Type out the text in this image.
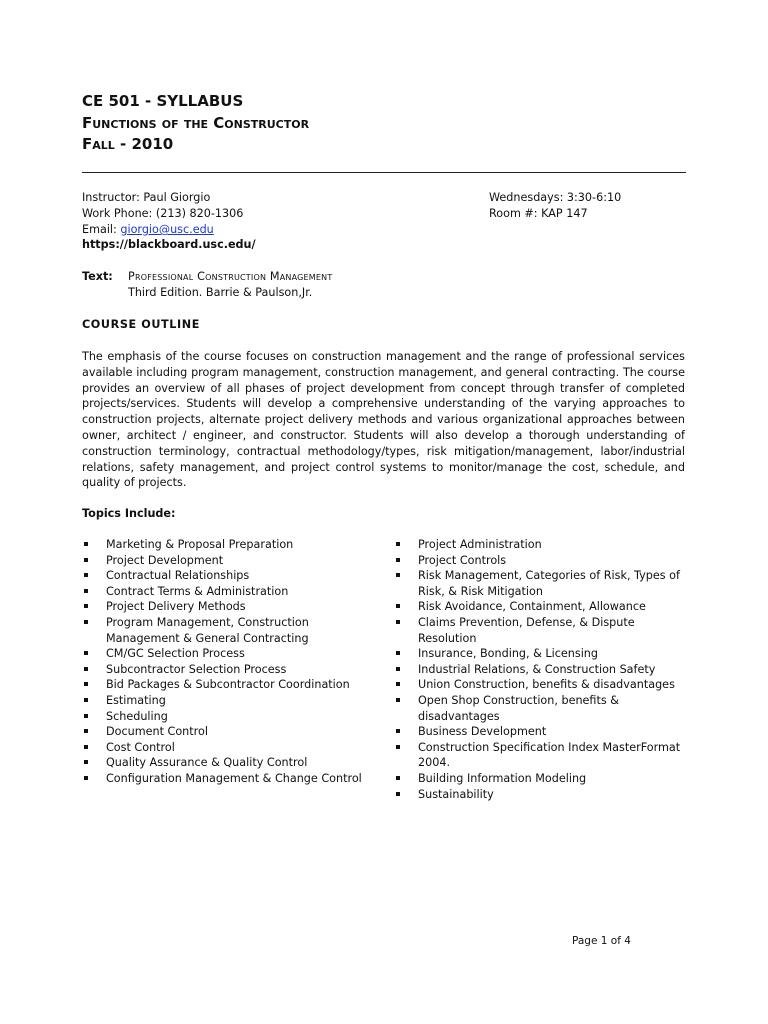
CE 501 - SYLLABUS
Functions of the Constructor
Fall - 2010
Instructor: Paul Giorgio
Work Phone: (213) 820-1306
Email: giorgio@usc.edu
https://blackboard.usc.edu/
Wednesdays: 3:30-6:10
Room #: KAP 147
Text: Professional Construction Management
Third Edition. Barrie & Paulson,Jr.
COURSE OUTLINE
The emphasis of the course focuses on construction management and the range of professional services available including program management, construction management, and general contracting. The course provides an overview of all phases of project development from concept through transfer of completed projects/services. Students will develop a comprehensive understanding of the varying approaches to construction projects, alternate project delivery methods and various organizational approaches between owner, architect / engineer, and constructor. Students will also develop a thorough understanding of construction terminology, contractual methodology/types, risk mitigation/management, labor/industrial relations, safety management, and project control systems to monitor/manage the cost, schedule, and quality of projects.
Topics Include:
Marketing & Proposal Preparation
Project Development
Contractual Relationships
Contract Terms & Administration
Project Delivery Methods
Program Management, Construction Management & General Contracting
CM/GC Selection Process
Subcontractor Selection Process
Bid Packages & Subcontractor Coordination
Estimating
Scheduling
Document Control
Cost Control
Quality Assurance & Quality Control
Configuration Management & Change Control
Project Administration
Project Controls
Risk Management, Categories of Risk, Types of Risk, & Risk Mitigation
Risk Avoidance, Containment, Allowance
Claims Prevention, Defense, & Dispute Resolution
Insurance, Bonding, & Licensing
Industrial Relations, & Construction Safety
Union Construction, benefits & disadvantages
Open Shop Construction, benefits & disadvantages
Business Development
Construction Specification Index MasterFormat 2004.
Building Information Modeling
Sustainability
Page 1 of 4
